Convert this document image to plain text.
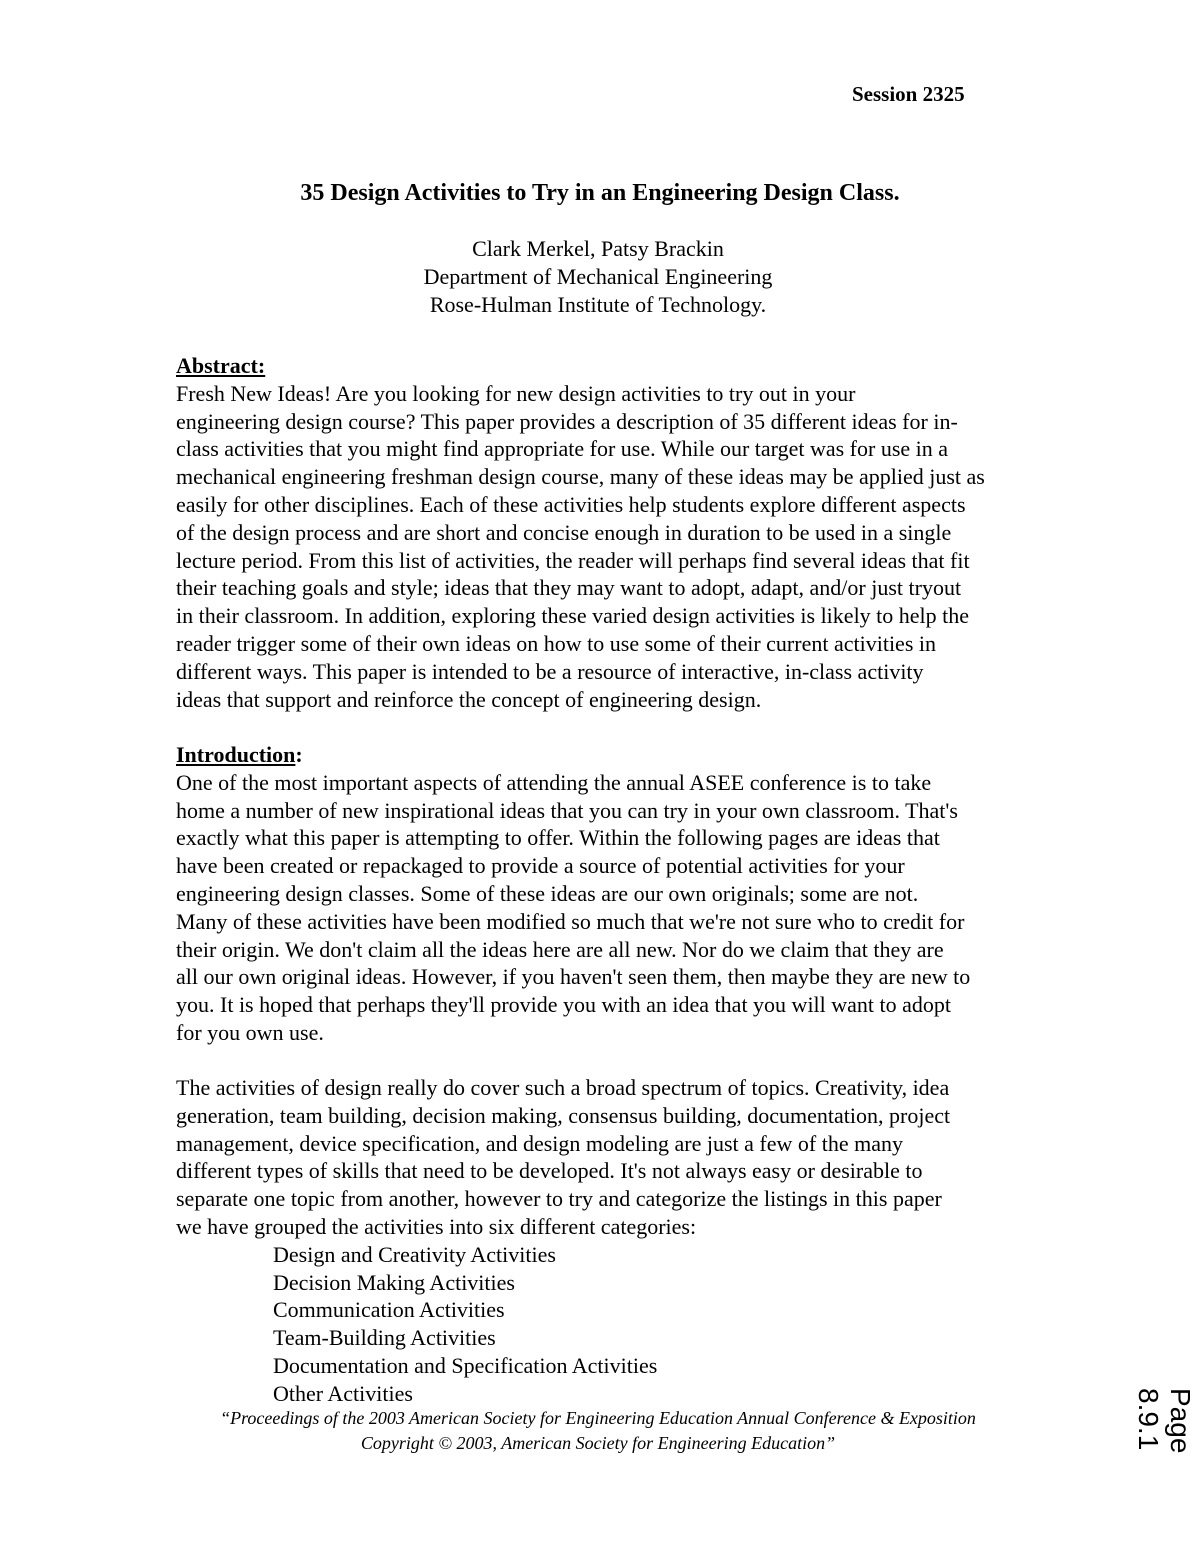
Session 2325
35 Design Activities to Try in an Engineering Design Class.
Clark Merkel, Patsy Brackin
Department of Mechanical Engineering
Rose-Hulman Institute of Technology.
Abstract:

Fresh New Ideas! Are you looking for new design activities to try out in your
engineering design course? This paper provides a description of 35 different ideas for in-
class activities that you might find appropriate for use. While our target was for use in a
mechanical engineering freshman design course, many of these ideas may be applied just as
easily for other disciplines. Each of these activities help students explore different aspects
of the design process and are short and concise enough in duration to be used in a single
lecture period. From this list of activities, the reader will perhaps find several ideas that fit
their teaching goals and style; ideas that they may want to adopt, adapt, and/or just tryout
in their classroom. In addition, exploring these varied design activities is likely to help the
reader trigger some of their own ideas on how to use some of their current activities in
different ways. This paper is intended to be a resource of interactive, in-class activity
ideas that support and reinforce the concept of engineering design.

Introduction:

One of the most important aspects of attending the annual ASEE conference is to take
home a number of new inspirational ideas that you can try in your own classroom. That's
exactly what this paper is attempting to offer. Within the following pages are ideas that
have been created or repackaged to provide a source of potential activities for your
engineering design classes. Some of these ideas are our own originals; some are not.
Many of these activities have been modified so much that we're not sure who to credit for
their origin. We don't claim all the ideas here are all new. Nor do we claim that they are
all our own original ideas. However, if you haven't seen them, then maybe they are new to
you. It is hoped that perhaps they'll provide you with an idea that you will want to adopt
for you own use.

The activities of design really do cover such a broad spectrum of topics. Creativity, idea
generation, team building, decision making, consensus building, documentation, project
management, device specification, and design modeling are just a few of the many
different types of skills that need to be developed. It's not always easy or desirable to
separate one topic from another, however to try and categorize the listings in this paper
we have grouped the activities into six different categories:

Design and Creativity Activities
Decision Making Activities
Communication Activities
Team-Building Activities
Documentation and Specification Activities
Other Activities
“Proceedings of the 2003 American Society for Engineering Education Annual Conference & Exposition
Copyright © 2003, American Society for Engineering Education”	Page 8.9.1
